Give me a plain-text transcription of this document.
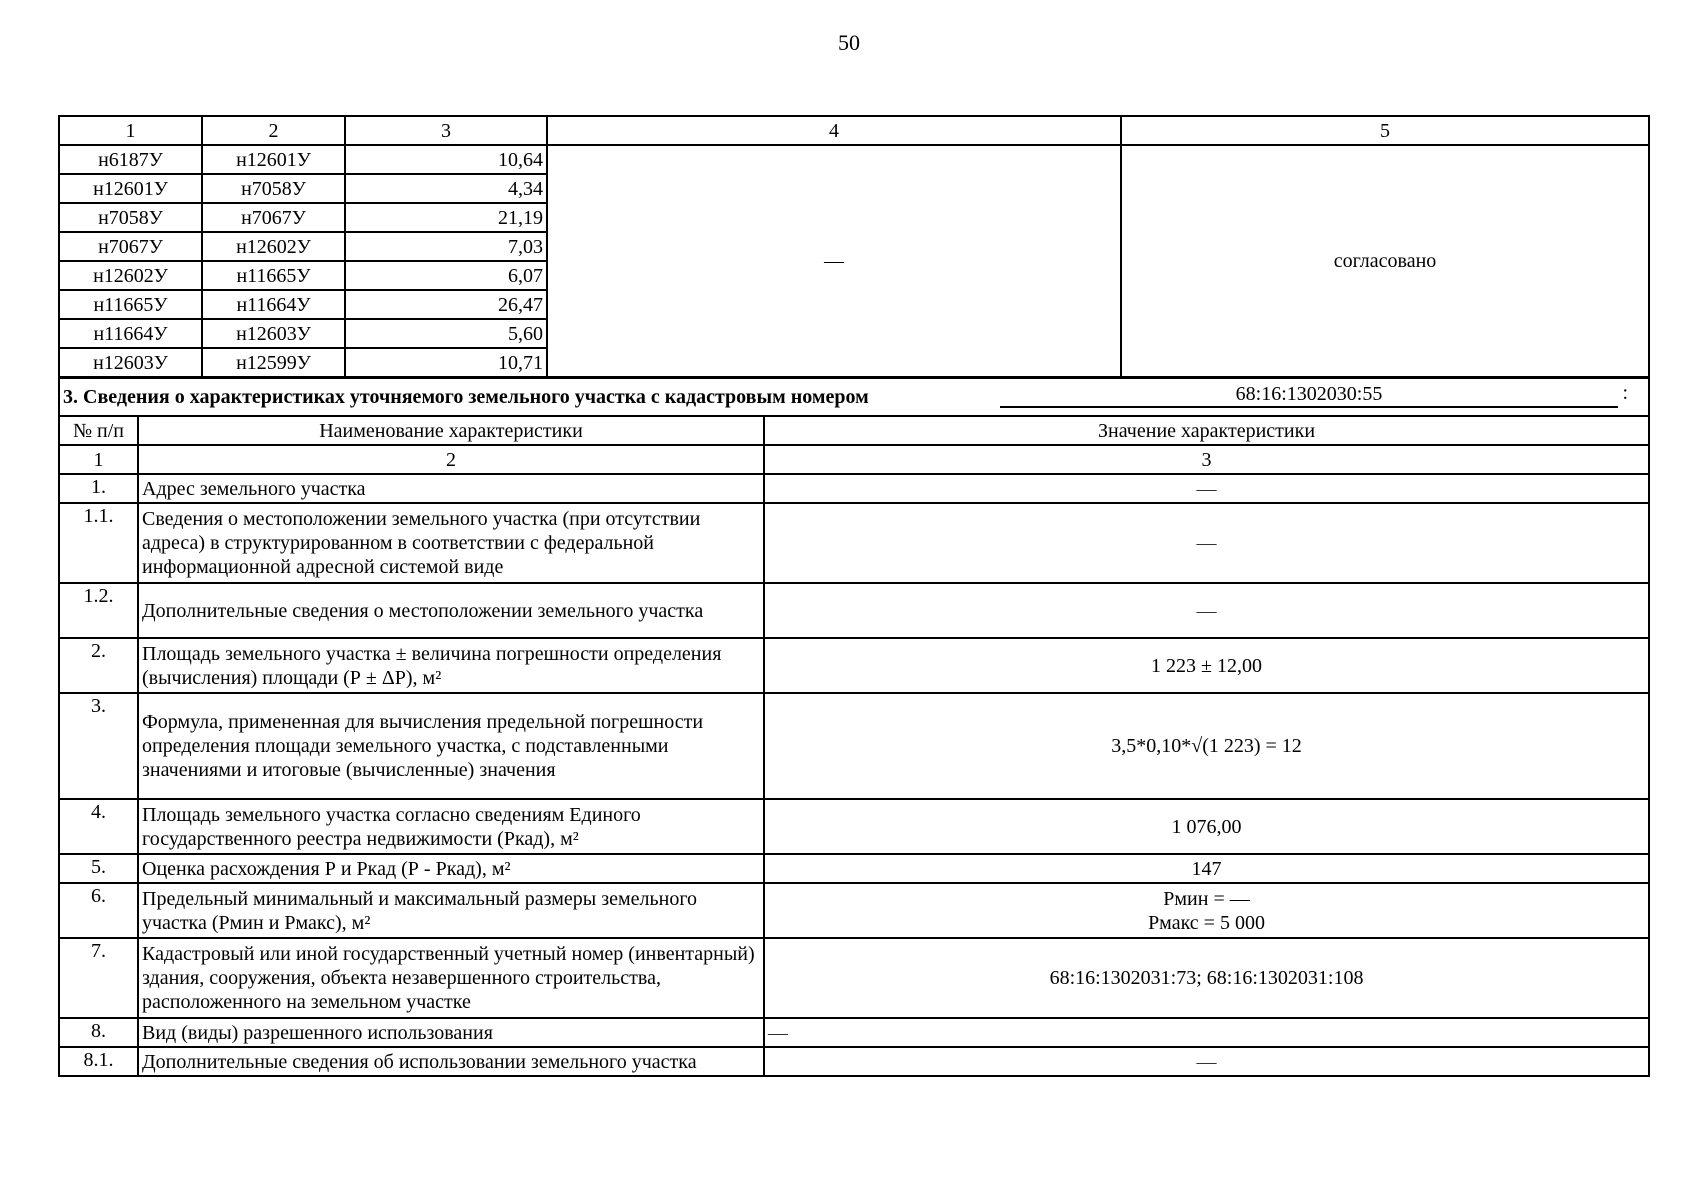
50
1	2	3	4	5
н6187У	н12601У	10,64	—	согласовано
н12601У	н7058У	4,34		
н7058У	н7067У	21,19		
н7067У	н12602У	7,03		
н12602У	н11665У	6,07		
н11665У	н11664У	26,47		
н11664У	н12603У	5,60		
н12603У	н12599У	10,71		
3. Сведения о характеристиках уточняемого земельного участка с кадастровым номером 68:16:1302030:55 :		

№ п/п	Наименование характеристики	Значение характеристики
1	2	3
1.	Адрес земельного участка	—
1.1.	Сведения о местоположении земельного участка (при отсутствии адреса) в структурированном в соответствии с федеральной информационной адресной системой виде	—
1.2.	Дополнительные сведения о местоположении земельного участка	—
2.	Площадь земельного участка ± величина погрешности определения (вычисления) площади (Р ± ΔР), м²	1 223 ± 12,00
3.	Формула, примененная для вычисления предельной погрешности определения площади земельного участка, с подставленными значениями и итоговые (вычисленные) значения	3,5*0,10*√(1 223) = 12
4.	Площадь земельного участка согласно сведениям Единого государственного реестра недвижимости (Ркад), м²	1 076,00
5.	Оценка расхождения Р и Ркад (Р - Ркад), м²	147
6.	Предельный минимальный и максимальный размеры земельного участка (Рмин и Рмакс), м²	Рмин = —
Рмакс = 5 000

7.	Кадастровый или иной государственный учетный номер (инвентарный) здания, сооружения, объекта незавершенного строительства, расположенного на земельном участке	68:16:1302031:73; 68:16:1302031:108
8.	Вид (виды) разрешенного использования	—
8.1.	Дополнительные сведения об использовании земельного участка	—
